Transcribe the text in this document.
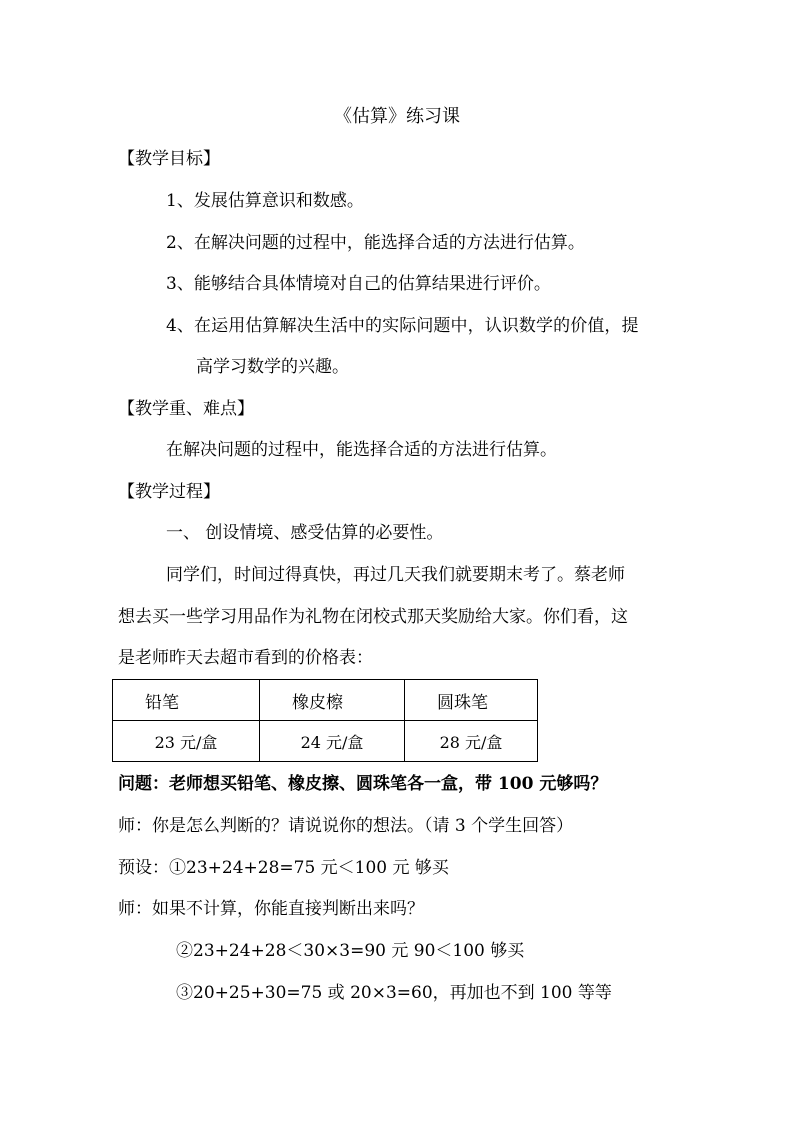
《估算》练习课
【教学目标】
1、发展估算意识和数感。
2、在解决问题的过程中，能选择合适的方法进行估算。
3、能够结合具体情境对自己的估算结果进行评价。
4、在运用估算解决生活中的实际问题中，认识数学的价值，提
高学习数学的兴趣。
【教学重、难点】
在解决问题的过程中，能选择合适的方法进行估算。
【教学过程】
一、 创设情境、感受估算的必要性。
同学们，时间过得真快，再过几天我们就要期末考了。蔡老师
想去买一些学习用品作为礼物在闭校式那天奖励给大家。你们看，这
是老师昨天去超市看到的价格表：
铅笔	橡皮檫	圆珠笔
23 元/盒	24 元/盒	28 元/盒
问题：老师想买铅笔、橡皮擦、圆珠笔各一盒，带 100 元够吗？
师：你是怎么判断的？请说说你的想法。（请 3 个学生回答）
预设：①23+24+28=75 元＜100 元 够买
师：如果不计算，你能直接判断出来吗？
②23+24+28＜30×3=90 元 90＜100 够买
③20+25+30=75 或 20×3=60，再加也不到 100 等等
